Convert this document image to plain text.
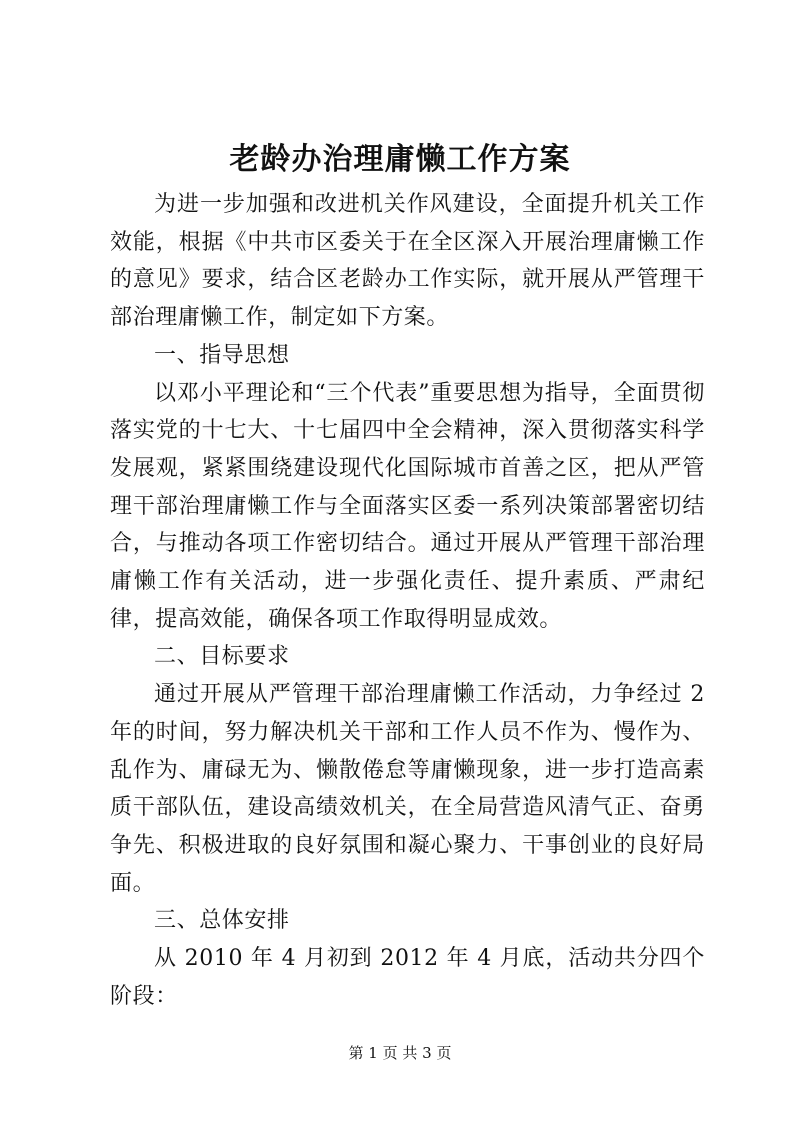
老龄办治理庸懒工作方案

为进一步加强和改进机关作风建设，全面提升机关工作效能，根据《中共市区委关于在全区深入开展治理庸懒工作的意见》要求，结合区老龄办工作实际，就开展从严管理干部治理庸懒工作，制定如下方案。

一、指导思想

以邓小平理论和“三个代表”重要思想为指导，全面贯彻落实党的十七大、十七届四中全会精神，深入贯彻落实科学发展观，紧紧围绕建设现代化国际城市首善之区，把从严管理干部治理庸懒工作与全面落实区委一系列决策部署密切结合，与推动各项工作密切结合。通过开展从严管理干部治理庸懒工作有关活动，进一步强化责任、提升素质、严肃纪律，提高效能，确保各项工作取得明显成效。

二、目标要求

通过开展从严管理干部治理庸懒工作活动，力争经过 2 年的时间，努力解决机关干部和工作人员不作为、慢作为、乱作为、庸碌无为、懒散倦怠等庸懒现象，进一步打造高素质干部队伍，建设高绩效机关，在全局营造风清气正、奋勇争先、积极进取的良好氛围和凝心聚力、干事创业的良好局面。

三、总体安排

从 2010 年 4 月初到 2012 年 4 月底，活动共分四个阶段：

第 1 页 共 3 页
